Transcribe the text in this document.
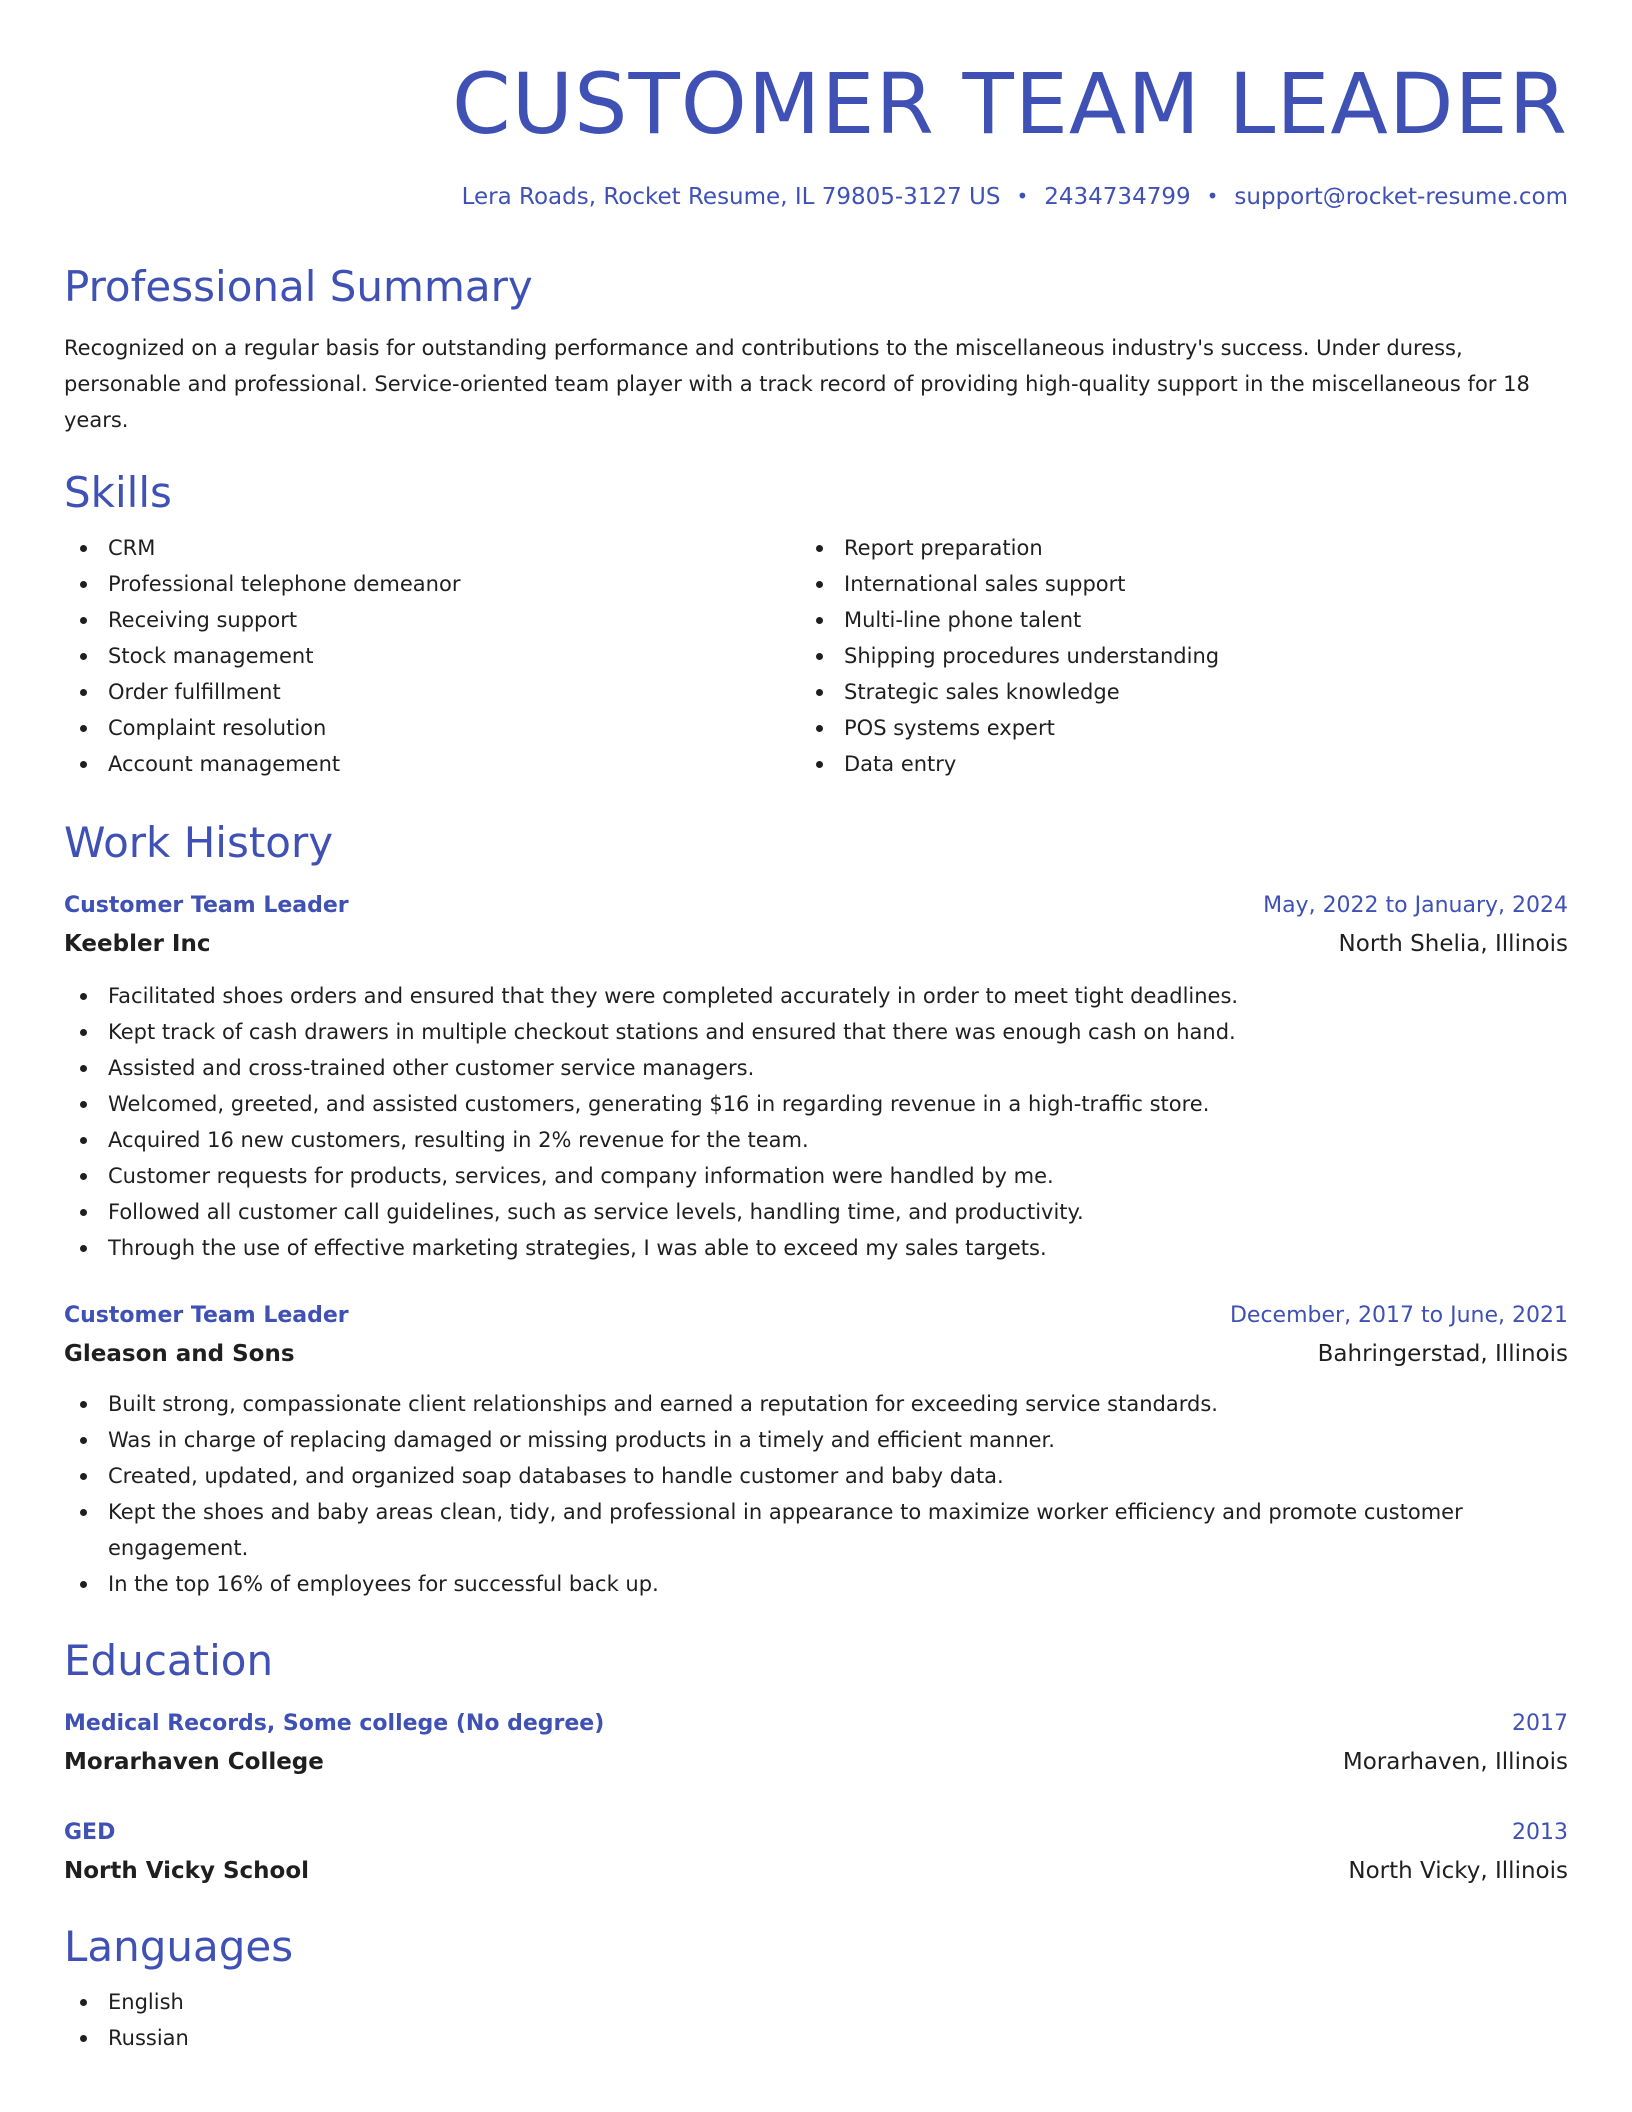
CUSTOMER TEAM LEADER
Lera Roads, Rocket Resume, IL 79805-3127 US • 2434734799 • support@rocket-resume.com
Professional Summary

Recognized on a regular basis for outstanding performance and contributions to the miscellaneous industry's success. Under duress, personable and professional. Service-oriented team player with a track record of providing high-quality support in the miscellaneous for 18 years.

Skills
CRM
Professional telephone demeanor
Receiving support
Stock management
Order fulfillment
Complaint resolution
Account management
Report preparation
International sales support
Multi-line phone talent
Shipping procedures understanding
Strategic sales knowledge
POS systems expert
Data entry
Work History
Customer Team Leader	May, 2022 to January, 2024
Keebler Inc	North Shelia, Illinois
Facilitated shoes orders and ensured that they were completed accurately in order to meet tight deadlines.
Kept track of cash drawers in multiple checkout stations and ensured that there was enough cash on hand.
Assisted and cross-trained other customer service managers.
Welcomed, greeted, and assisted customers, generating $16 in regarding revenue in a high-traffic store.
Acquired 16 new customers, resulting in 2% revenue for the team.
Customer requests for products, services, and company information were handled by me.
Followed all customer call guidelines, such as service levels, handling time, and productivity.
Through the use of effective marketing strategies, I was able to exceed my sales targets.
Customer Team Leader	December, 2017 to June, 2021
Gleason and Sons	Bahringerstad, Illinois
Built strong, compassionate client relationships and earned a reputation for exceeding service standards.
Was in charge of replacing damaged or missing products in a timely and efficient manner.
Created, updated, and organized soap databases to handle customer and baby data.
Kept the shoes and baby areas clean, tidy, and professional in appearance to maximize worker efficiency and promote customer engagement.
In the top 16% of employees for successful back up.
Education
Medical Records, Some college (No degree)	2017
Morarhaven College	Morarhaven, Illinois
GED	2013
North Vicky School	North Vicky, Illinois
Languages
English
Russian
